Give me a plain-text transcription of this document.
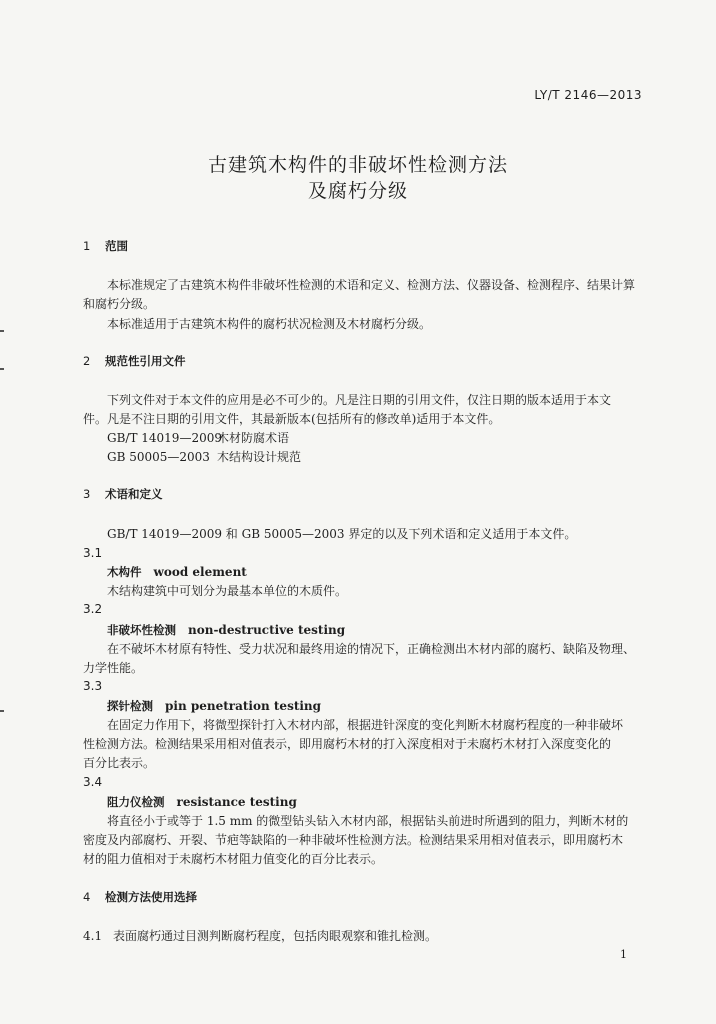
LY/T 2146—2013
古建筑木构件的非破坏性检测方法
及腐朽分级
1 范围
本标准规定了古建筑木构件非破坏性检测的术语和定义、检测方法、仪器设备、检测程序、结果计算
和腐朽分级。
本标准适用于古建筑木构件的腐朽状况检测及木材腐朽分级。
2 规范性引用文件
下列文件对于本文件的应用是必不可少的。凡是注日期的引用文件，仅注日期的版本适用于本文
件。凡是不注日期的引用文件，其最新版本(包括所有的修改单)适用于本文件。
GB/T 14019—2009木材防腐术语
GB 50005—2003 木结构设计规范
3 术语和定义
GB/T 14019—2009 和 GB 50005—2003 界定的以及下列术语和定义适用于本文件。
3.1
木构件 wood element
木结构建筑中可划分为最基本单位的木质件。
3.2
非破坏性检测 non-destructive testing
在不破坏木材原有特性、受力状况和最终用途的情况下，正确检测出木材内部的腐朽、缺陷及物理、
力学性能。
3.3
探针检测 pin penetration testing
在固定力作用下，将微型探针打入木材内部，根据进针深度的变化判断木材腐朽程度的一种非破坏
性检测方法。检测结果采用相对值表示，即用腐朽木材的打入深度相对于未腐朽木材打入深度变化的
百分比表示。
3.4
阻力仪检测 resistance testing
将直径小于或等于 1.5 mm 的微型钻头钻入木材内部，根据钻头前进时所遇到的阻力，判断木材的
密度及内部腐朽、开裂、节疤等缺陷的一种非破坏性检测方法。检测结果采用相对值表示，即用腐朽木
材的阻力值相对于未腐朽木材阻力值变化的百分比表示。
4 检测方法使用选择
4.1 表面腐朽通过目测判断腐朽程度，包括肉眼观察和锥扎检测。
1
